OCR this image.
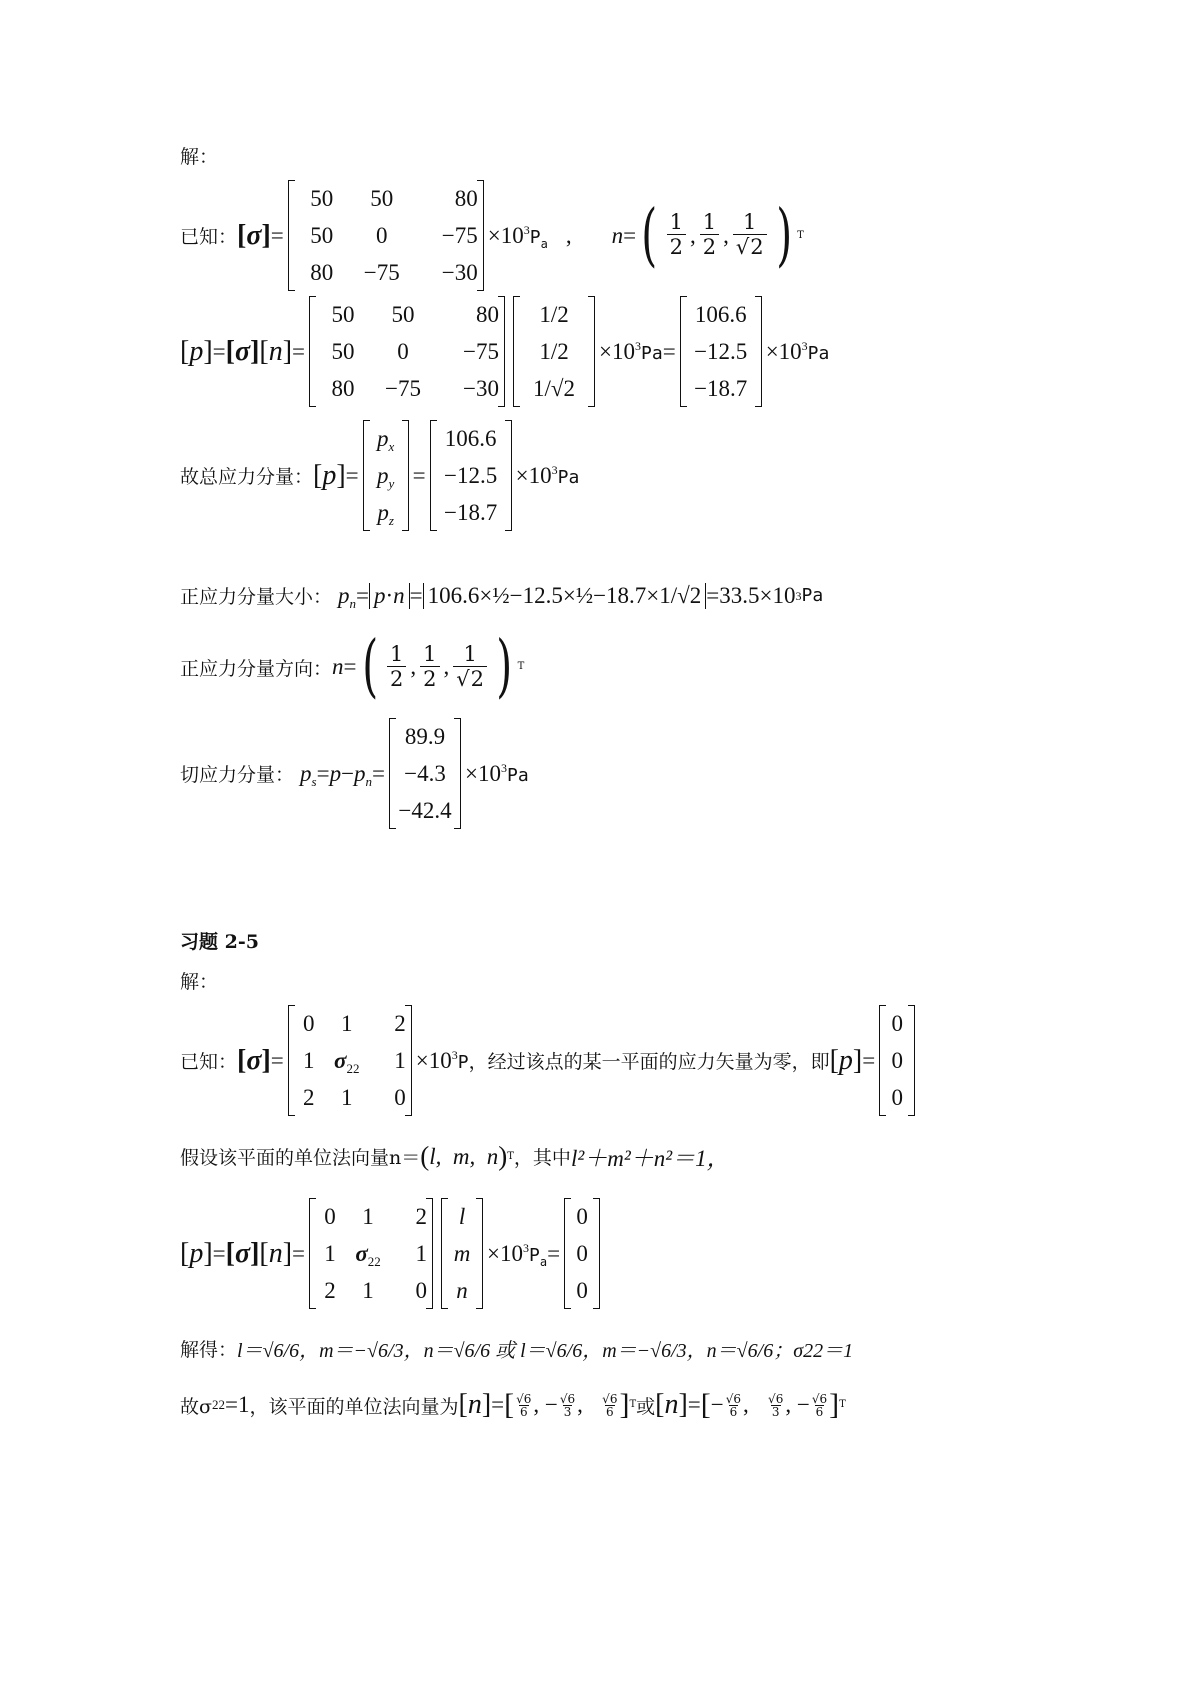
解：
已知： [σ] =
50	50	80
50	0	−75
80	−75	−30
$\times 10^3P_a$ , n = ( $\frac{1}{2}$ , $\frac{1}{2}$ , $\frac{1}{√2}$ ) T
[p] = [σ] [n] =
50	50	80
50	0	−75
80	−75	−30
1/2
1/2
1/√2
$\times 10^3Pa=$
106.6
−12.5
−18.7
$\times 10^3Pa$
故总应力分量： [p] =
$p_x$
$p_y$
$p_z$
=
106.6
−12.5
−18.7
$\times 10^3Pa$
正应力分量大小： $p_n = p\cdot n$ = 106.6×½−12.5×½−18.7×1/√2 =33.5×10 3 Pa
正应力分量方向： n = ( $\frac{1}{2}$ , $\frac{1}{2}$ , $\frac{1}{√2}$ ) T
切应力分量： $p_s =p-p_n=$
89.9
−4.3
−42.4
$\times 10^3Pa$
习题 2-5
解：
已知： [σ] =
0	1	2
1 $\sigma_{22}$	1
2	1	0
$\times 10^3P$ ，经过该点的某一平面的应力矢量为零，即 [p] =
0
0
0
假设该平面的单位法向量n＝ ( l,  m,  n ) T ，其中 l²＋m²＋n²＝1，
[p] = [σ] [n] =
0	1	2
1 $\sigma_{22}$	1
2	1	0
l
m
n
$\times 10^3P_a=$
0
0
0
解得： l＝√6/6，m＝−√6/3，n＝√6/6 或 l＝√6/6，m＝−√6/3，n＝√6/6；σ22＝1
故σ 22 =1 ，该平面的单位法向量为 [n] = [ √6
6 , − $\frac{√6}{3}$ , √6
6 ] T 或 [n] = [ − $\frac{√6}{6}$ , √6
3 , − $\frac{√6}{6}$ ] T
